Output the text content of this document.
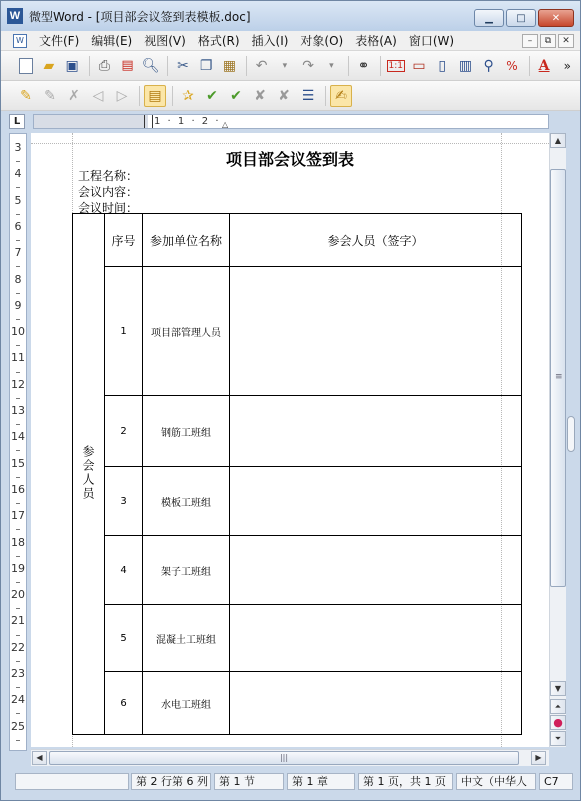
W 微型Word - [项目部会议签到表模板.doc]	▁ □	✕
W	文件(F)	编辑(E)	视图(V)	格式(R)	插入(I)	对象(O)	表格(A)	窗口(W)	–	⧉	✕
▰ ▣ ⎙ ▤ 🔍︎ ✂ ❐ ▦ ↶ ▾ ↷ ▾ ⚭ 1:1 ▭ ▯ ▥ ⚲ % A »
✎ ✎ ✗ ◁ ▷ ▤ ✰ ✔ ✔ ✘ ✘ ☰ ✍
L	1 · 1 · 2 · △
3
4
5
6
7
8
9
10
11
12
13
14
15
16
17
18
19
20
21
22
23
24
25
项目部会议签到表
工程名称：
会议内容：
会议时间：
参会人员	序号	参加单位名称	参会人员（签字）
	1	项目部管理人员	
	2	钢筋工班组	
	3	模板工班组	
	4	架子工班组	
	5	混凝土工班组	
	6	水电工班组	
▲
≡
▼
⏶
●
⏷
◀	|||	▶
第 2 行第 6 列	第 1 节	第 1 章	第 1 页，共 1 页	中文（中华人	C7
